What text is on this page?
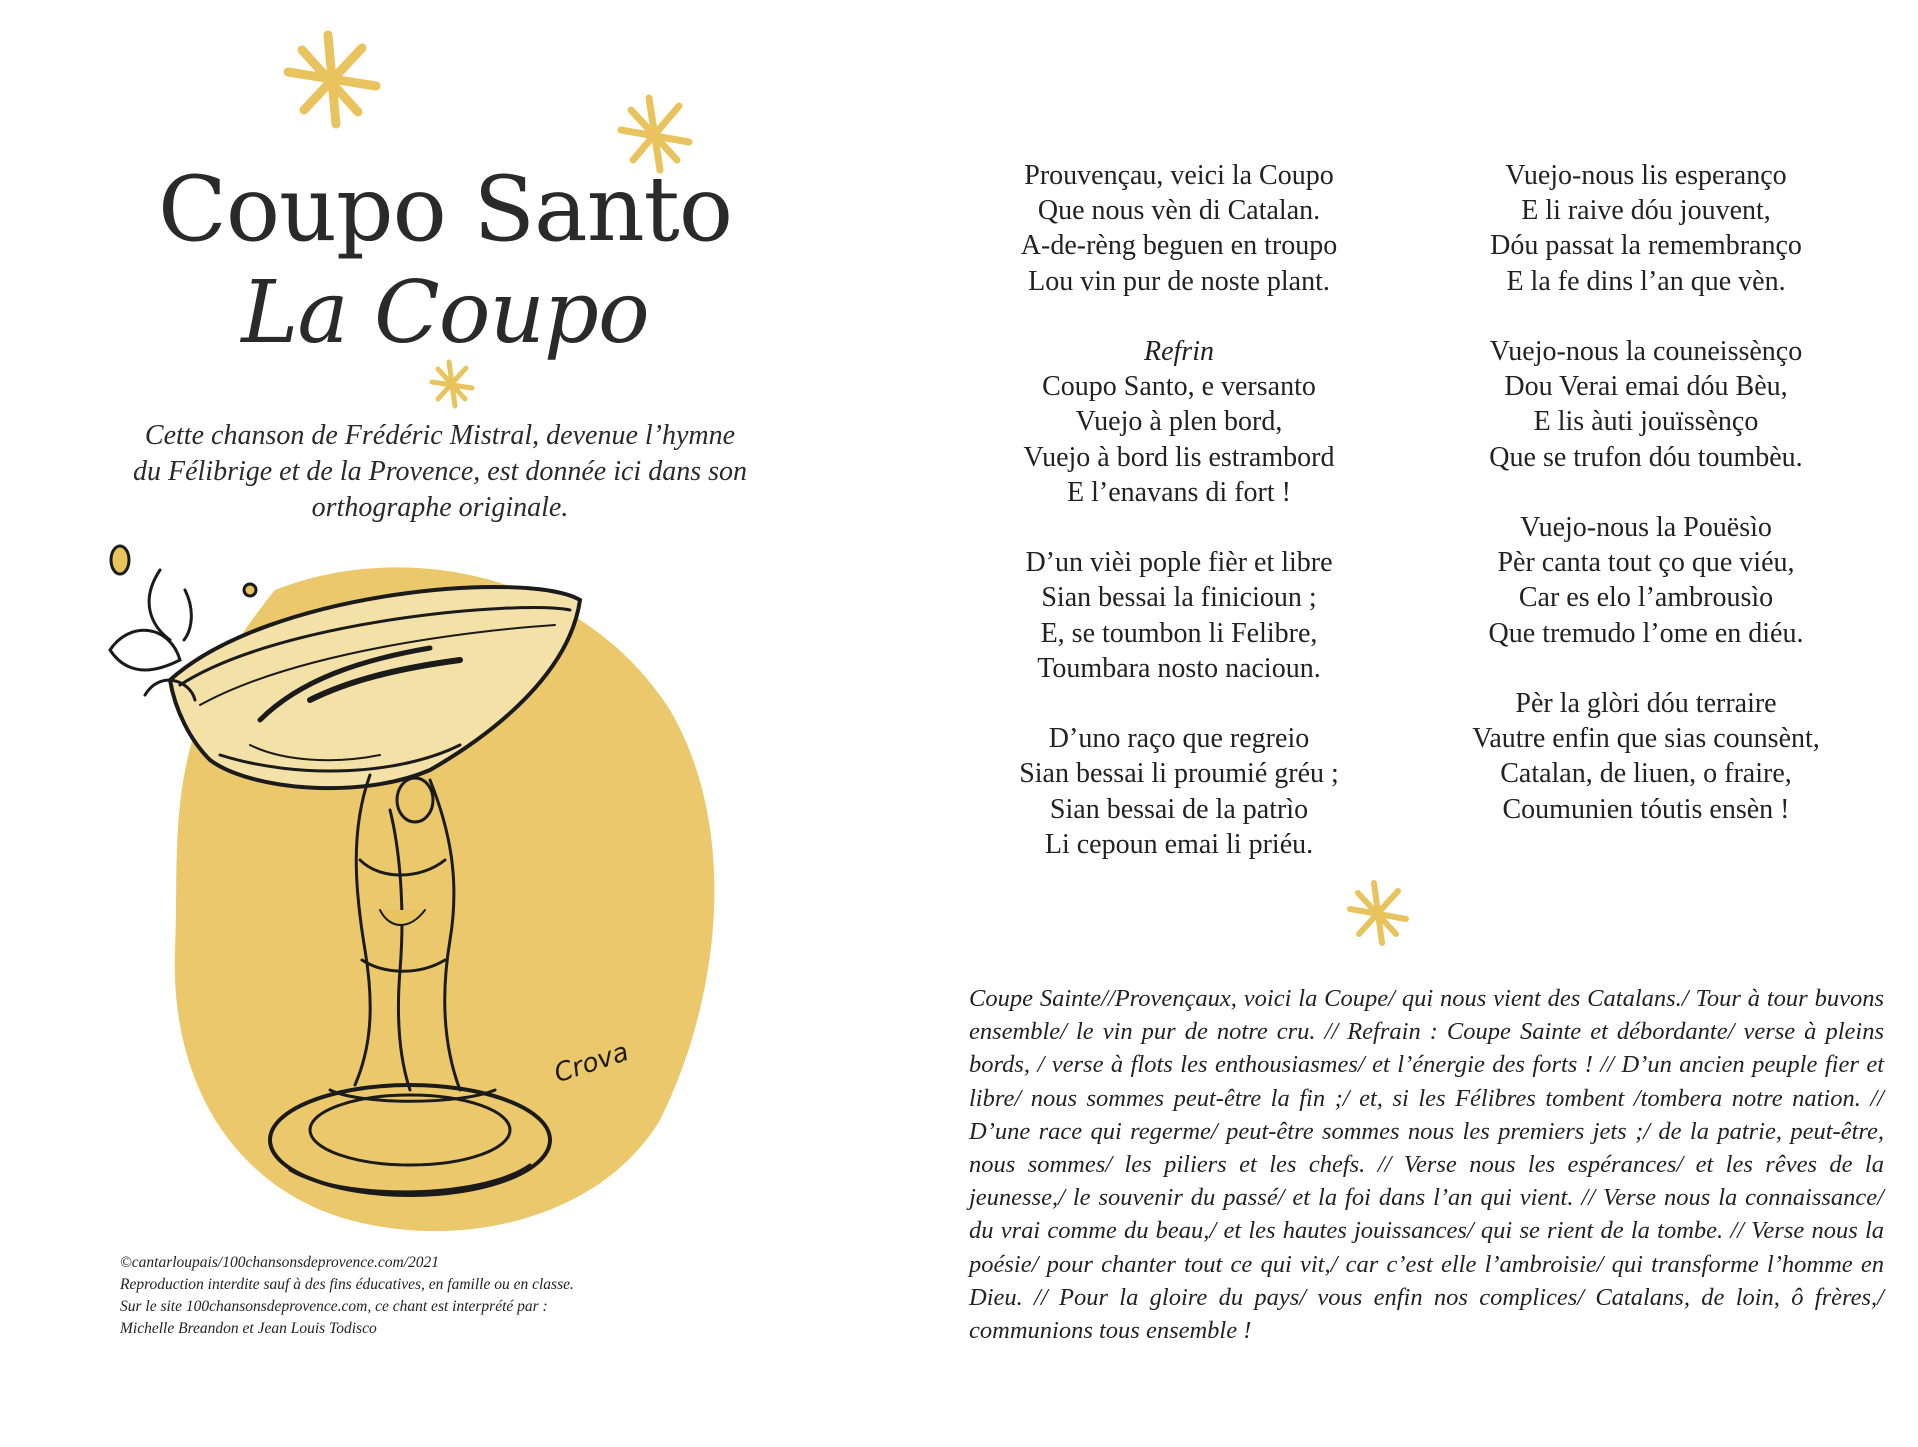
Coupo Santo
La Coupo

Cette chanson de Frédéric Mistral, devenue l’hymne
du Félibrige et de la Provence, est donnée ici dans son
orthographe originale.

Crova
©cantarloupais/100chansonsdeprovence.com/2021
Reproduction interdite sauf à des fins éducatives, en famille ou en classe.
Sur le site 100chansonsdeprovence.com, ce chant est interprété par :
Michelle Breandon et Jean Louis Todisco
Prouvençau, veici la Coupo
Que nous vèn di Catalan.
A-de-rèng beguen en troupo
Lou vin pur de noste plant.
Refrin
Coupo Santo, e versanto
Vuejo à plen bord,
Vuejo à bord lis estrambord
E l’enavans di fort !
D’un vièi pople fièr et libre
Sian bessai la finicioun ;
E, se toumbon li Felibre,
Toumbara nosto nacioun.
D’uno raço que regreio
Sian bessai li proumié gréu ;
Sian bessai de la patrìo
Li cepoun emai li priéu.
Vuejo-nous lis esperanço
E li raive dóu jouvent,
Dóu passat la remembranço
E la fe dins l’an que vèn.
Vuejo-nous la couneissènço
Dou Verai emai dóu Bèu,
E lis àuti jouïssènço
Que se trufon dóu toumbèu.
Vuejo-nous la Pouësìo
Pèr canta tout ço que viéu,
Car es elo l’ambrousìo
Que tremudo l’ome en diéu.
Pèr la glòri dóu terraire
Vautre enfin que sias counsènt,
Catalan, de liuen, o fraire,
Coumunien tóutis ensèn !

Coupe Sainte//Provençaux, voici la Coupe/ qui nous vient des Catalans./ Tour à tour buvons ensemble/ le vin pur de notre cru. // Refrain : Coupe Sainte et débordante/ verse à pleins bords, / verse à flots les enthousiasmes/ et l’énergie des forts ! // D’un ancien peuple fier et libre/ nous sommes peut-être la fin ;/ et, si les Félibres tombent /tombera notre nation. // D’une race qui regerme/ peut-être sommes nous les premiers jets ;/ de la patrie, peut-être, nous sommes/ les piliers et les chefs. // Verse nous les espérances/ et les rêves de la jeunesse,/ le souvenir du passé/ et la foi dans l’an qui vient. // Verse nous la connaissance/ du vrai comme du beau,/ et les hautes jouissances/ qui se rient de la tombe. // Verse nous la poésie/ pour chanter tout ce qui vit,/ car c’est elle l’ambroisie/ qui transforme l’homme en Dieu. // Pour la gloire du pays/ vous enfin nos complices/ Catalans, de loin, ô frères,/ communions tous ensemble !
